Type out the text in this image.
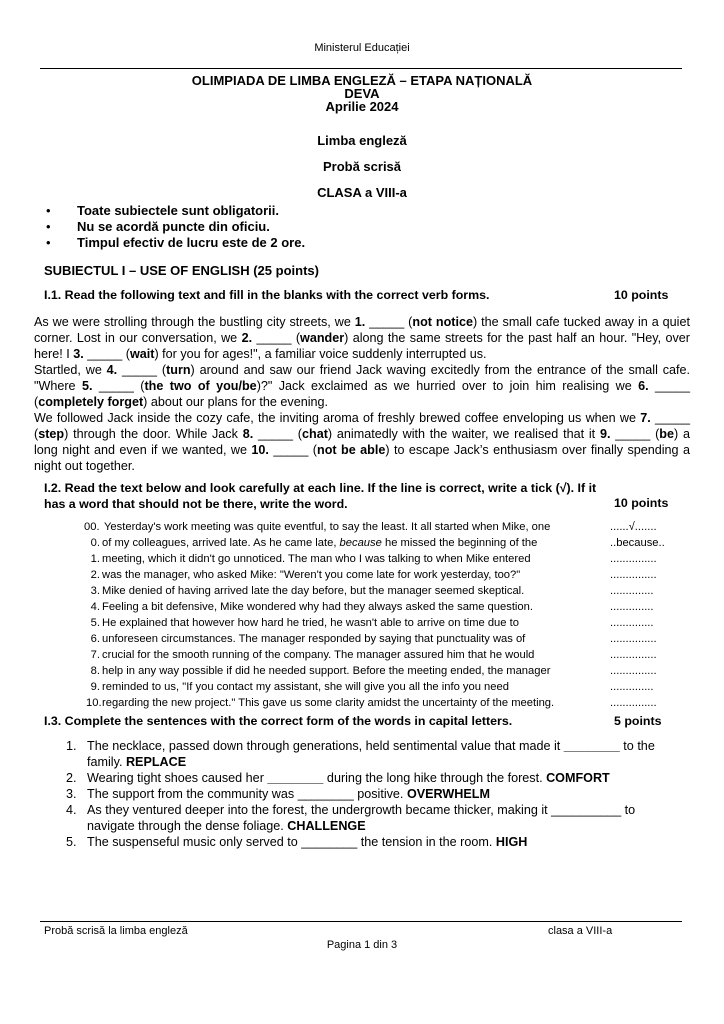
Ministerul Educației
OLIMPIADA DE LIMBA ENGLEZĂ – ETAPA NAȚIONALĂ
DEVA
Aprilie 2024
Limba engleză
Probă scrisă
CLASA a VIII-a
• Toate subiectele sunt obligatorii.
• Nu se acordă puncte din oficiu.
• Timpul efectiv de lucru este de 2 ore.
SUBIECTUL I – USE OF ENGLISH (25 points)
I.1. Read the following text and fill in the blanks with the correct verb forms.	10 points
As we were strolling through the bustling city streets, we 1. _____ (not notice) the small cafe tucked away in a quiet corner. Lost in our conversation, we 2. _____ (wander) along the same streets for the past half an hour. "Hey, over here! I 3. _____ (wait) for you for ages!", a familiar voice suddenly interrupted us.
Startled, we 4. _____ (turn) around and saw our friend Jack waving excitedly from the entrance of the small cafe. "Where 5. _____ (the two of you/be)?" Jack exclaimed as we hurried over to join him realising we 6. _____ (completely forget) about our plans for the evening.
We followed Jack inside the cozy cafe, the inviting aroma of freshly brewed coffee enveloping us when we 7. _____ (step) through the door. While Jack 8. _____ (chat) animatedly with the waiter, we realised that it 9. _____ (be) a long night and even if we wanted, we 10. _____ (not be able) to escape Jack’s enthusiasm over finally spending a night out together.
I.2. Read the text below and look carefully at each line. If the line is correct, write a tick (√). If it has a word that should not be there, write the word.	10 points
00. Yesterday's work meeting was quite eventful, to say the least. It all started when Mike, one	......√.......
0. of my colleagues, arrived late. As he came late, because he missed the beginning of the	..because..
1. meeting, which it didn't go unnoticed. The man who I was talking to when Mike entered	...............
2. was the manager, who asked Mike: "Weren't you come late for work yesterday, too?"	...............
3. Mike denied of having arrived late the day before, but the manager seemed skeptical.	..............
4. Feeling a bit defensive, Mike wondered why had they always asked the same question.	..............
5. He explained that however how hard he tried, he wasn't able to arrive on time due to	..............
6. unforeseen circumstances. The manager responded by saying that punctuality was of	...............
7. crucial for the smooth running of the company. The manager assured him that he would	...............
8. help in any way possible if did he needed support. Before the meeting ended, the manager	...............
9. reminded to us, "If you contact my assistant, she will give you all the info you need	..............
10. regarding the new project." This gave us some clarity amidst the uncertainty of the meeting.	...............
I.3. Complete the sentences with the correct form of the words in capital letters.	5 points
1. The necklace, passed down through generations, held sentimental value that made it ________ to the family. REPLACE
2. Wearing tight shoes caused her ________ during the long hike through the forest. COMFORT
3. The support from the community was ________ positive. OVERWHELM
4. As they ventured deeper into the forest, the undergrowth became thicker, making it __________ to navigate through the dense foliage. CHALLENGE
5. The suspenseful music only served to ________ the tension in the room. HIGH
Probă scrisă la limba engleză	clasa a VIII-a
Pagina 1 din 3
